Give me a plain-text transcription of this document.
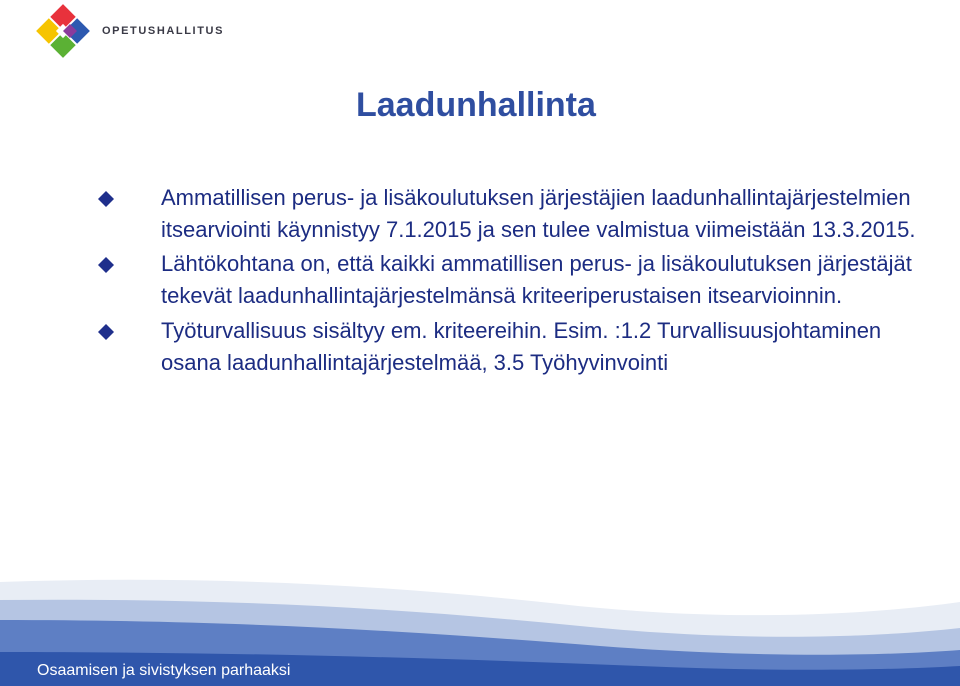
OPETUSHALLITUS
Laadunhallinta
Ammatillisen perus- ja lisäkoulutuksen järjestäjien laadunhallintajärjestelmien itsearviointi käynnistyy 7.1.2015 ja sen tulee valmistua viimeistään 13.3.2015.
Lähtökohtana on, että kaikki ammatillisen perus- ja lisäkoulutuksen järjestäjät tekevät laadunhallintajärjestelmänsä kriteeriperustaisen itsearvioinnin.
Työturvallisuus sisältyy em. kriteereihin. Esim. :1.2 Turvallisuusjohtaminen osana laadunhallintajärjestelmää, 3.5 Työhyvinvointi
Osaamisen ja sivistyksen parhaaksi
